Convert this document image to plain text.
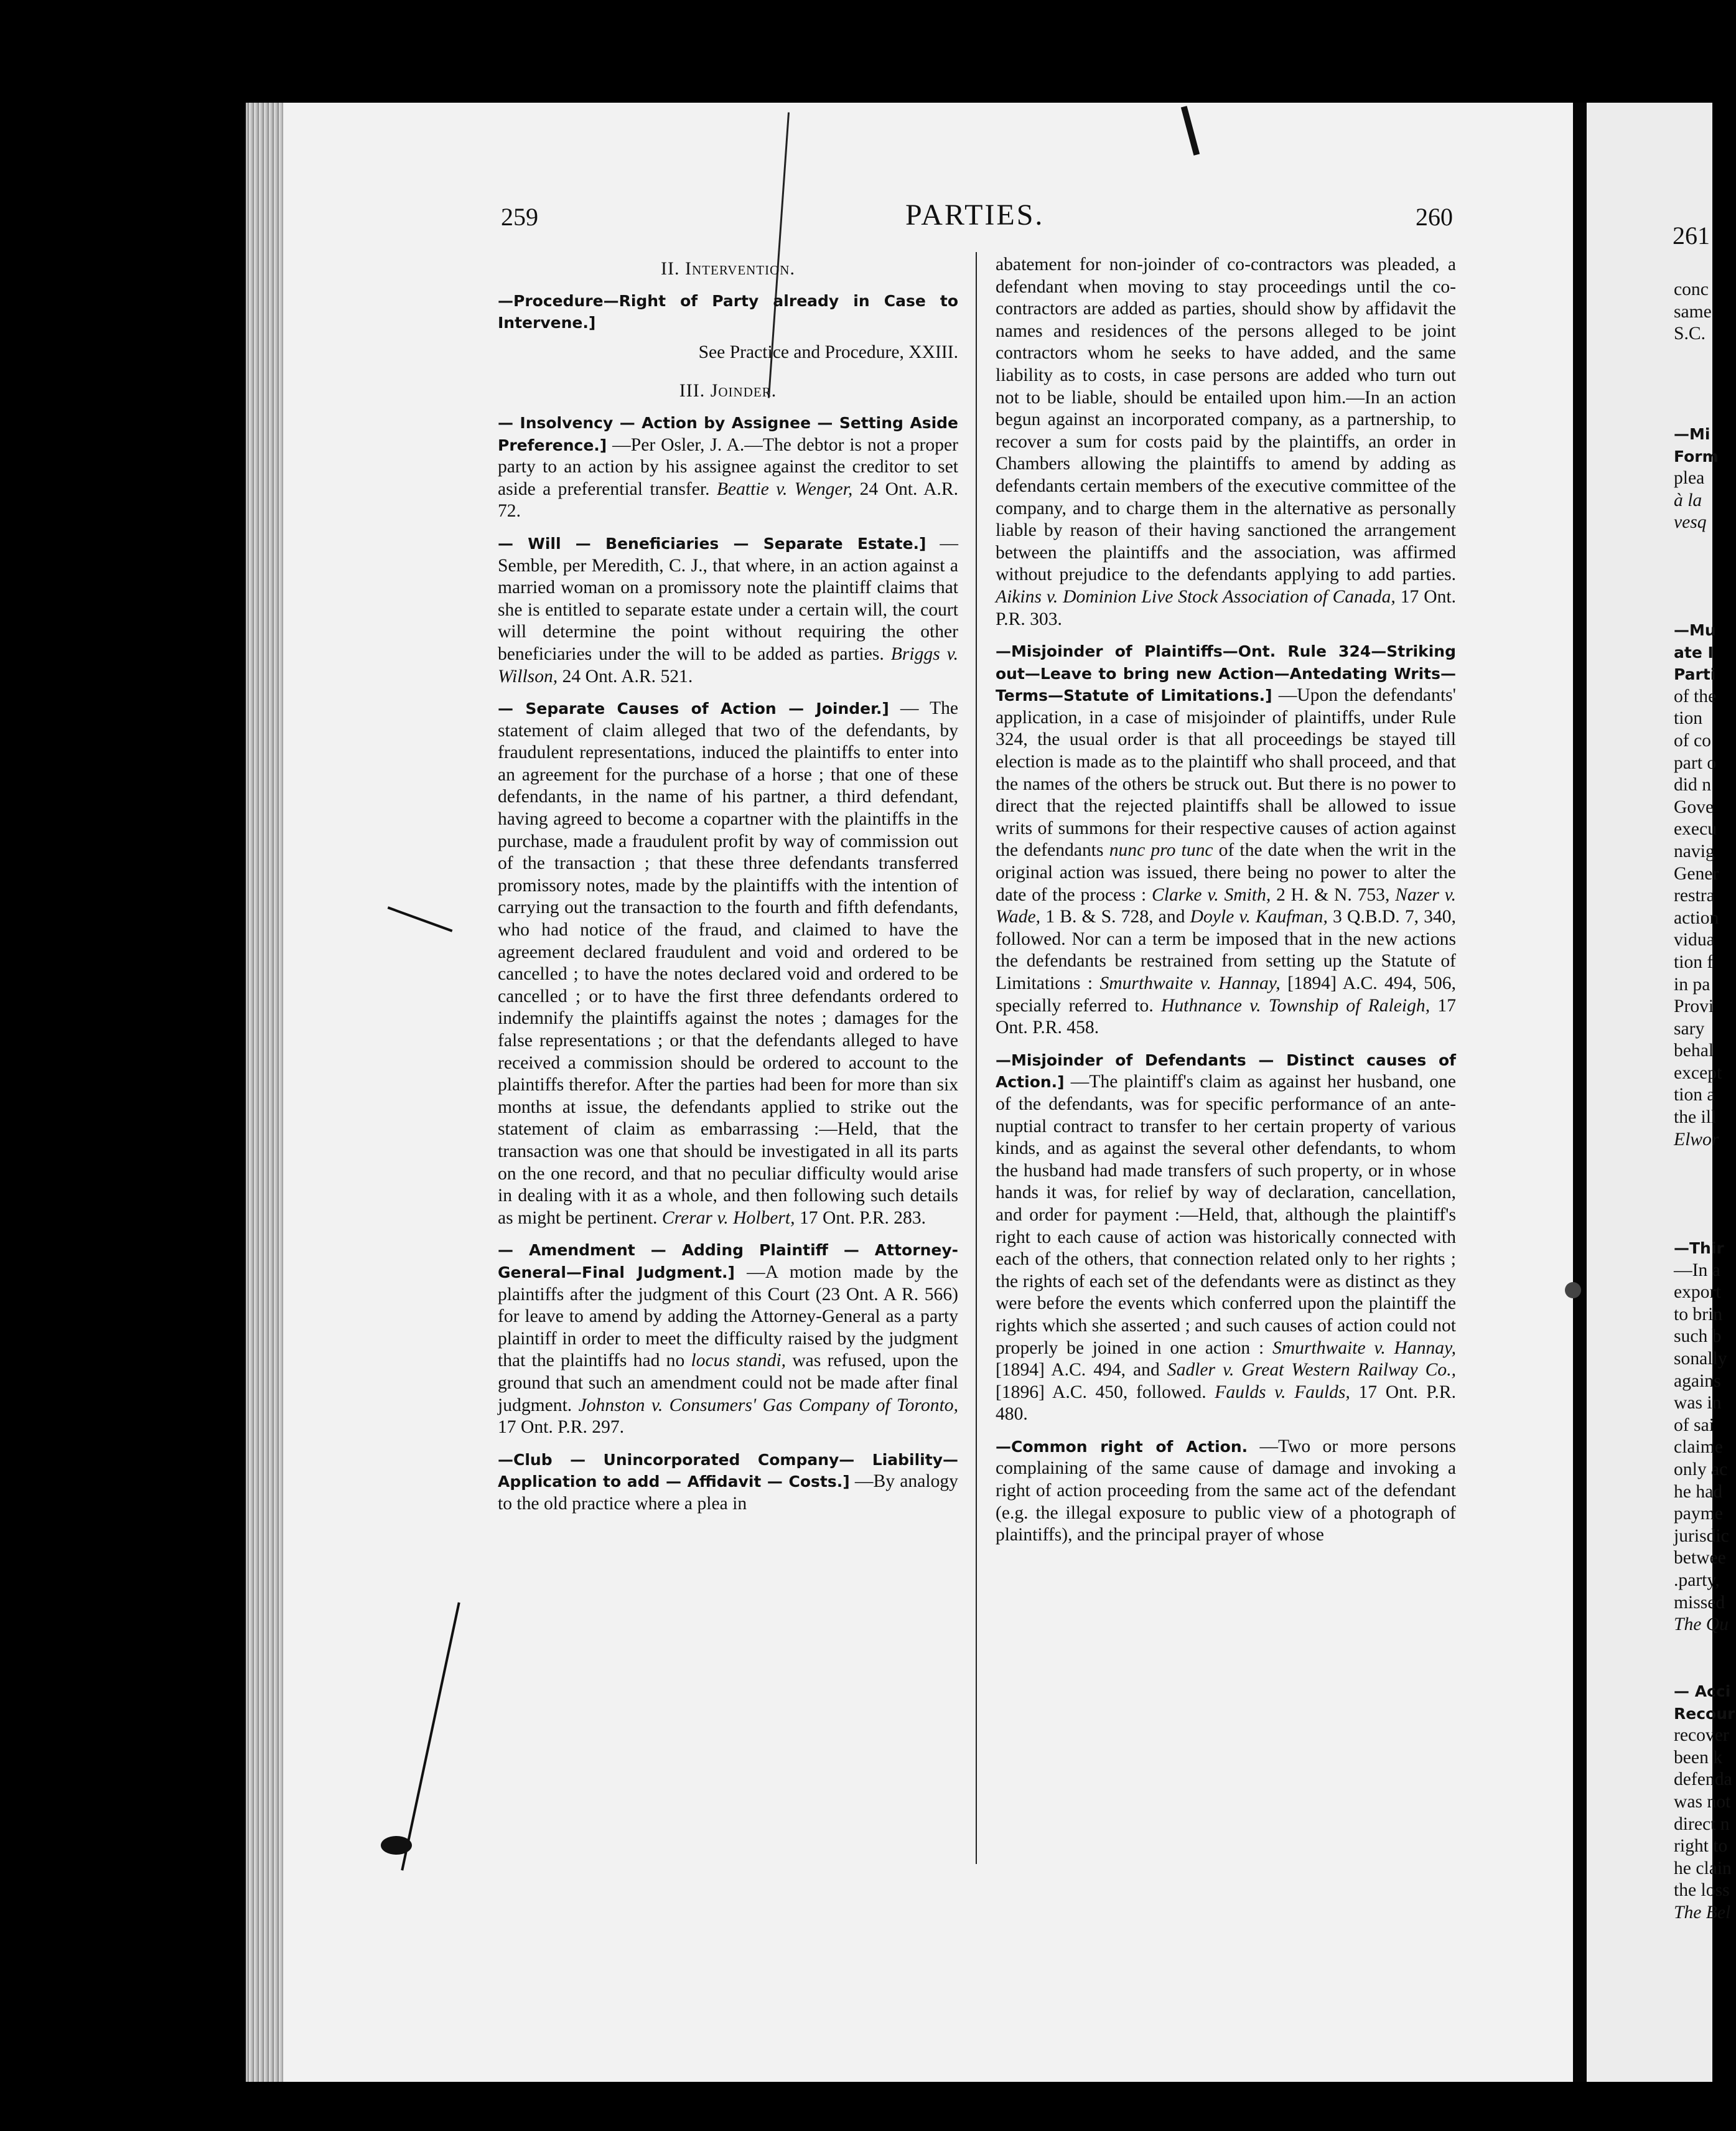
259	PARTIES.	260
261
II. Intervention.
—Procedure—Right of Party already in Case to Intervene.]
See Practice and Procedure, XXIII.
III. Joinder.
— Insolvency — Action by Assignee — Setting Aside Preference.] —Per Osler, J. A.—The debtor is not a proper party to an action by his assignee against the creditor to set aside a preferential transfer. Beattie v. Wenger, 24 Ont. A.R. 72.
— Will — Beneficiaries — Separate Estate.] — Semble, per Meredith, C. J., that where, in an action against a married woman on a promissory note the plaintiff claims that she is entitled to separate estate under a certain will, the court will determine the point without requiring the other beneficiaries under the will to be added as parties. Briggs v. Willson, 24 Ont. A.R. 521.
— Separate Causes of Action — Joinder.] — The statement of claim alleged that two of the defendants, by fraudulent representations, induced the plaintiffs to enter into an agreement for the purchase of a horse ; that one of these defendants, in the name of his partner, a third defendant, having agreed to become a copartner with the plaintiffs in the purchase, made a fraudulent profit by way of commission out of the transaction ; that these three defendants transferred promissory notes, made by the plaintiffs with the intention of carrying out the transaction to the fourth and fifth defendants, who had notice of the fraud, and claimed to have the agreement declared fraudulent and void and ordered to be cancelled ; to have the notes declared void and ordered to be cancelled ; or to have the first three defendants ordered to indemnify the plaintiffs against the notes ; damages for the false representations ; or that the defendants alleged to have received a commission should be ordered to account to the plaintiffs therefor. After the parties had been for more than six months at issue, the defendants applied to strike out the statement of claim as embarrassing :—Held, that the transaction was one that should be investigated in all its parts on the one record, and that no peculiar difficulty would arise in dealing with it as a whole, and then following such details as might be pertinent. Crerar v. Holbert, 17 Ont. P.R. 283.
— Amendment — Adding Plaintiff — Attorney-General—Final Judgment.] —A motion made by the plaintiffs after the judgment of this Court (23 Ont. A R. 566) for leave to amend by adding the Attorney-General as a party plaintiff in order to meet the difficulty raised by the judgment that the plaintiffs had no locus standi, was refused, upon the ground that such an amendment could not be made after final judgment. Johnston v. Consumers' Gas Company of Toronto, 17 Ont. P.R. 297.
—Club — Unincorporated Company— Liability— Application to add — Affidavit — Costs.] —By analogy to the old practice where a plea in
abatement for non-joinder of co-contractors was pleaded, a defendant when moving to stay proceedings until the co-contractors are added as parties, should show by affidavit the names and residences of the persons alleged to be joint contractors whom he seeks to have added, and the same liability as to costs, in case persons are added who turn out not to be liable, should be entailed upon him.—In an action begun against an incorporated company, as a partnership, to recover a sum for costs paid by the plaintiffs, an order in Chambers allowing the plaintiffs to amend by adding as defendants certain members of the executive committee of the company, and to charge them in the alternative as personally liable by reason of their having sanctioned the arrangement between the plaintiffs and the association, was affirmed without prejudice to the defendants applying to add parties. Aikins v. Dominion Live Stock Association of Canada, 17 Ont. P.R. 303.
—Misjoinder of Plaintiffs—Ont. Rule 324—Striking out—Leave to bring new Action—Antedating Writs—Terms—Statute of Limitations.] —Upon the defendants' application, in a case of misjoinder of plaintiffs, under Rule 324, the usual order is that all proceedings be stayed till election is made as to the plaintiff who shall proceed, and that the names of the others be struck out. But there is no power to direct that the rejected plaintiffs shall be allowed to issue writs of summons for their respective causes of action against the defendants nunc pro tunc of the date when the writ in the original action was issued, there being no power to alter the date of the process : Clarke v. Smith, 2 H. & N. 753, Nazer v. Wade, 1 B. & S. 728, and Doyle v. Kaufman, 3 Q.B.D. 7, 340, followed. Nor can a term be imposed that in the new actions the defendants be restrained from setting up the Statute of Limitations : Smurthwaite v. Hannay, [1894] A.C. 494, 506, specially referred to. Huthnance v. Township of Raleigh, 17 Ont. P.R. 458.
—Misjoinder of Defendants — Distinct causes of Action.] —The plaintiff's claim as against her husband, one of the defendants, was for specific performance of an ante-nuptial contract to transfer to her certain property of various kinds, and as against the several other defendants, to whom the husband had made transfers of such property, or in whose hands it was, for relief by way of declaration, cancellation, and order for payment :—Held, that, although the plaintiff's right to each cause of action was historically connected with each of the others, that connection related only to her rights ; the rights of each set of the defendants were as distinct as they were before the events which conferred upon the plaintiff the rights which she asserted ; and such causes of action could not properly be joined in one action : Smurthwaite v. Hannay, [1894] A.C. 494, and Sadler v. Great Western Railway Co., [1896] A.C. 450, followed. Faulds v. Faulds, 17 Ont. P.R. 480.
—Common right of Action. —Two or more persons complaining of the same cause of damage and invoking a right of action proceeding from the same act of the defendant (e.g. the illegal exposure to public view of a photograph of plaintiffs), and the principal prayer of whose
conc
same
S.C.
—Mi
Form
plea
à la
vesq
—Mu
ate I
Parti
of the
tion
of co
part o
did n
Gove
execu
navig
Gener
restra
action
vidua
tion f
in pa
Provi
sary
behal
except
tion a
the ill
Elwor
—Thir
—In a
export
to brin
such b
sonally
agains
was in
of sai
claime
only ac
he had
payme
jurisdic
betwee
.party,
missed
The Qu
— Acci
Recour
recover
been k
defenda
was not
direct n
right to
he clain
the loss
The Bel
